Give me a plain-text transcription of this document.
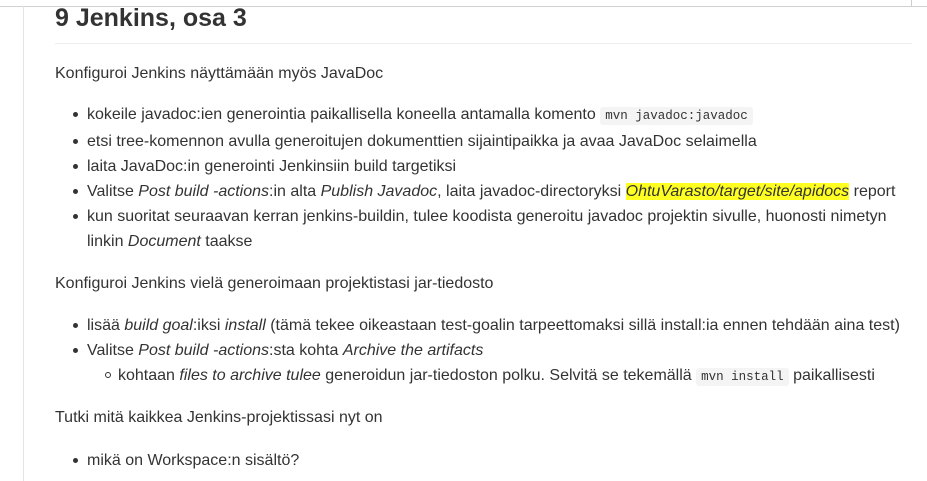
9 Jenkins, osa 3

Konfiguroi Jenkins näyttämään myös JavaDoc

kokeile javadoc:ien generointia paikallisella koneella antamalla komento mvn javadoc:javadoc
etsi tree-komennon avulla generoitujen dokumenttien sijaintipaikka ja avaa JavaDoc selaimella
laita JavaDoc:in generointi Jenkinsiin build targetiksi
Valitse Post build -actions:in alta Publish Javadoc, laita javadoc-directoryksi OhtuVarasto/target/site/apidocs report
kun suoritat seuraavan kerran jenkins-buildin, tulee koodista generoitu javadoc projektin sivulle, huonosti nimetyn
linkin Document taakse

Konfiguroi Jenkins vielä generoimaan projektistasi jar-tiedosto

lisää build goal:iksi install (tämä tekee oikeastaan test-goalin tarpeettomaksi sillä install:ia ennen tehdään aina test)
Valitse Post build -actions:sta kohta Archive the artifacts
kohtaan files to archive tulee generoidun jar-tiedoston polku. Selvitä se tekemällä mvn install paikallisesti

Tutki mitä kaikkea Jenkins-projektissasi nyt on

mikä on Workspace:n sisältö?
